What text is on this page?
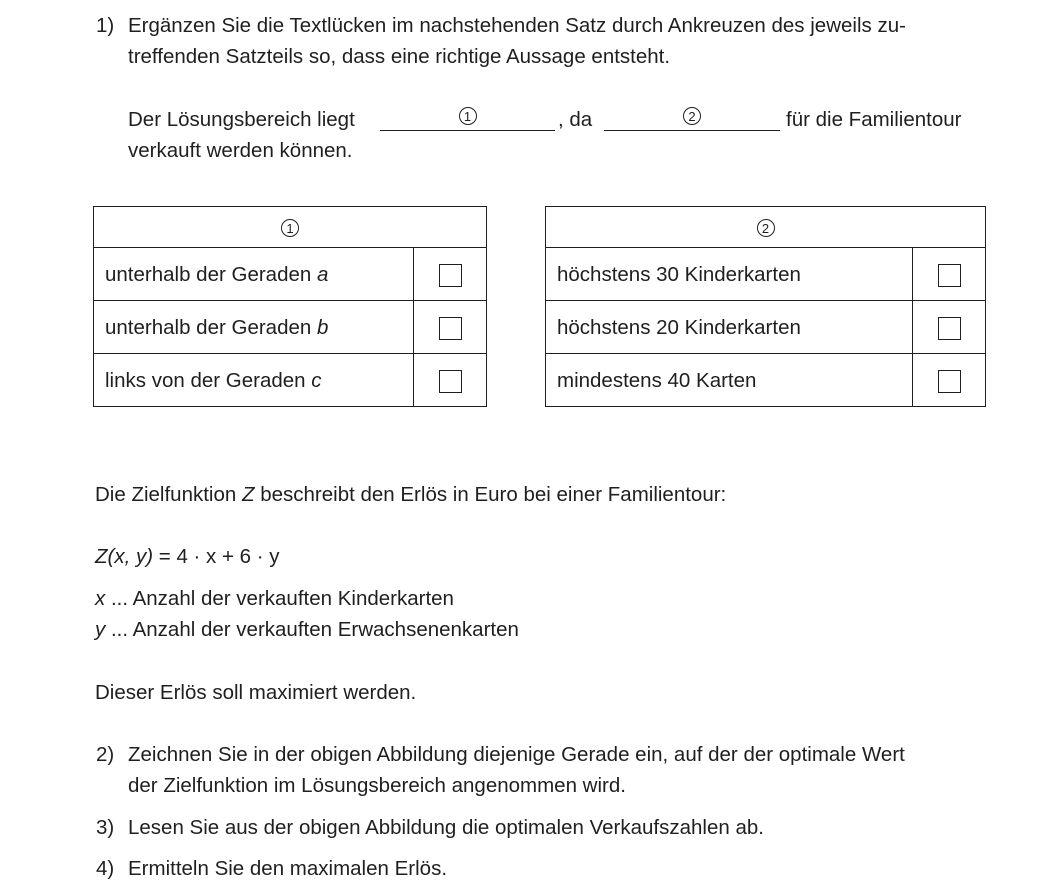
1) Ergänzen Sie die Textlücken im nachstehenden Satz durch Ankreuzen des jeweils zu-
treffenden Satzteils so, dass eine richtige Aussage entsteht.
Der Lösungsbereich liegt	1	, da	2	für die Familientour
verkauft werden können.
1	
unterhalb der Geraden a	
unterhalb der Geraden b	
links von der Geraden c	
2	
höchstens 30 Kinderkarten	
höchstens 20 Kinderkarten	
mindestens 40 Karten	
Die Zielfunktion Z beschreibt den Erlös in Euro bei einer Familientour:
Z(x, y) = 4 · x + 6 · y
x ... Anzahl der verkauften Kinderkarten
y ... Anzahl der verkauften Erwachsenenkarten
Dieser Erlös soll maximiert werden.
2) Zeichnen Sie in der obigen Abbildung diejenige Gerade ein, auf der der optimale Wert
der Zielfunktion im Lösungsbereich angenommen wird.
3) Lesen Sie aus der obigen Abbildung die optimalen Verkaufszahlen ab.
4) Ermitteln Sie den maximalen Erlös.
